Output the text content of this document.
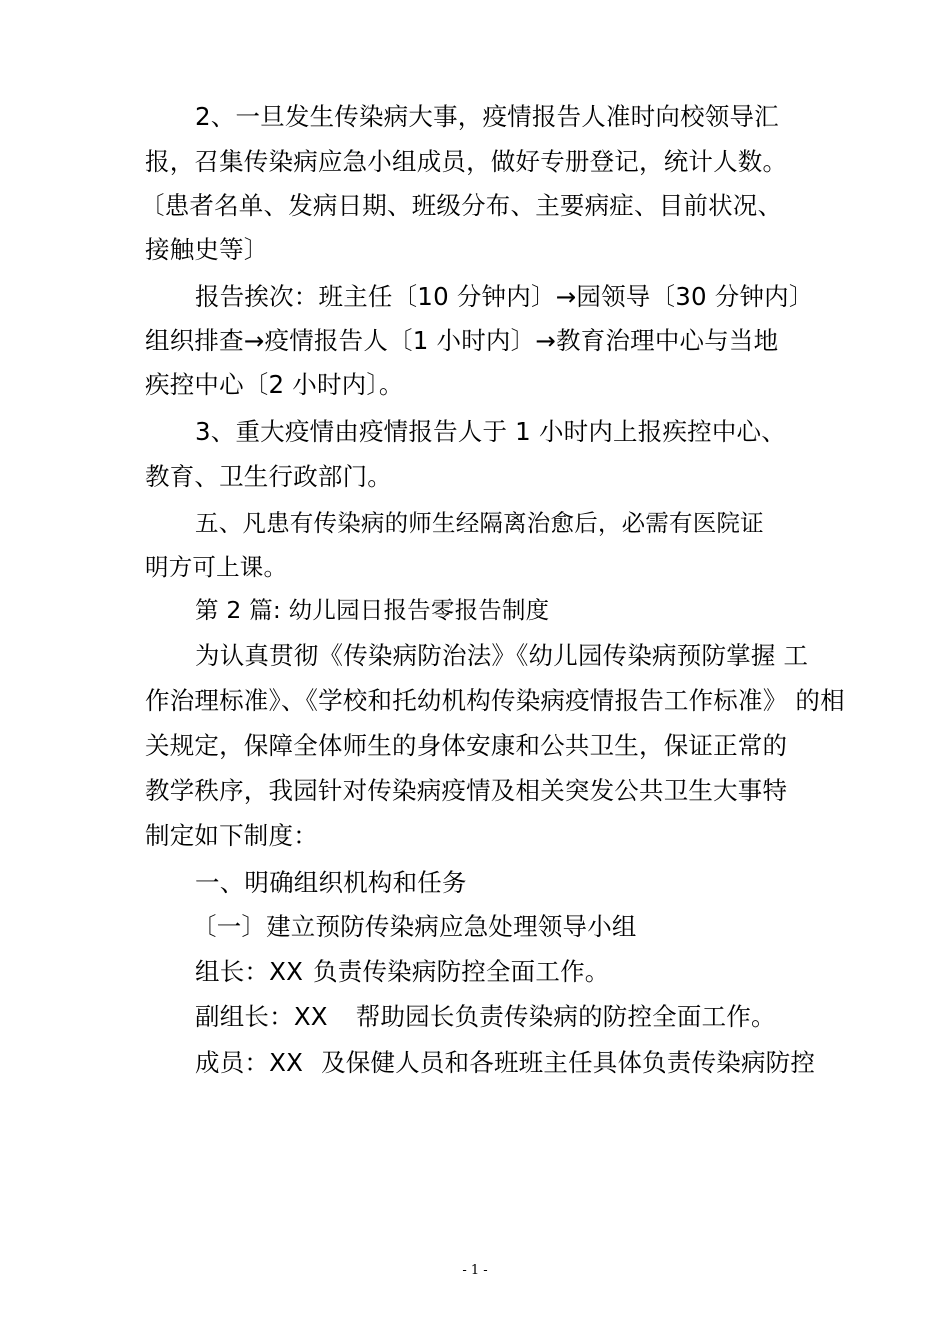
2、一旦发生传染病大事，疫情报告人准时向校领导汇
报，召集传染病应急小组成员，做好专册登记，统计人数。
〔患者名单、发病日期、班级分布、主要病症、目前状况、
接触史等〕
报告挨次：班主任〔10 分钟内〕→园领导〔30 分钟内〕
组织排查→疫情报告人〔1 小时内〕→教育治理中心与当地
疾控中心〔2 小时内〕。
3、重大疫情由疫情报告人于 1 小时内上报疾控中心、
教育、卫生行政部门。
五、凡患有传染病的师生经隔离治愈后，必需有医院证
明方可上课。
第 2 篇: 幼儿园日报告零报告制度
为认真贯彻《传染病防治法》《幼儿园传染病预防掌握 工
作治理标准》、《学校和托幼机构传染病疫情报告工作标准》 的相
关规定，保障全体师生的身体安康和公共卫生，保证正常的
教学秩序，我园针对传染病疫情及相关突发公共卫生大事特
制定如下制度：
一、明确组织机构和任务
〔一〕建立预防传染病应急处理领导小组
组长：XX 负责传染病防控全面工作。
副组长：XX 帮助园长负责传染病的防控全面工作。
成员：XX 及保健人员和各班班主任具体负责传染病防控
- 1 -
